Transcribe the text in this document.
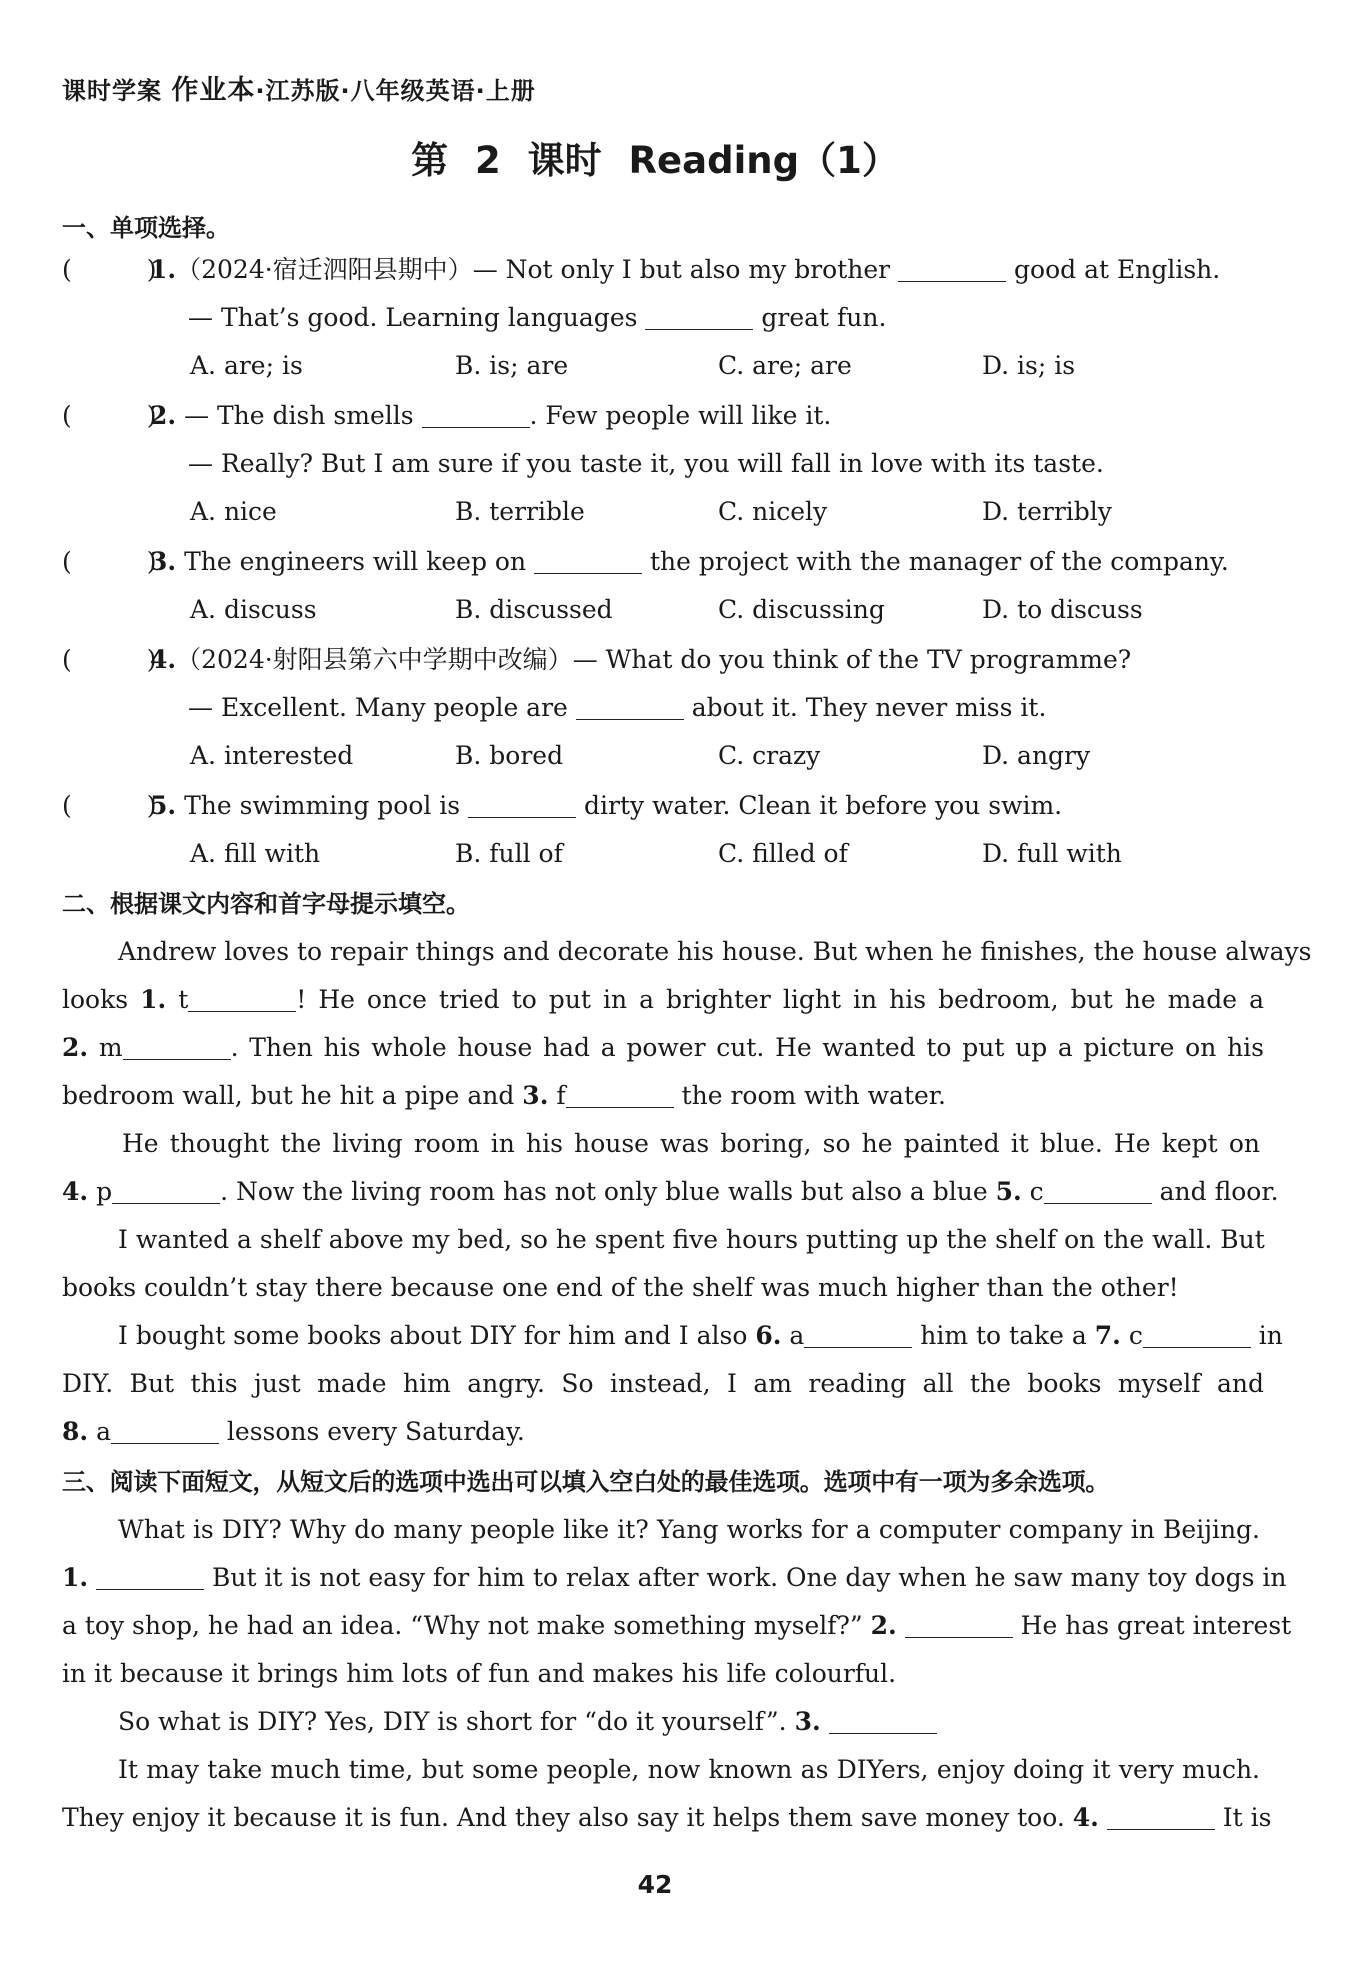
课时学案 作业本·江苏版·八年级英语·上册
第 2 课时 Reading（1）
一、单项选择。
(　　　)1.（2024·宿迁泗阳县期中）— Not only I but also my brother	good at English.
— That’s good. Learning languages	great fun.
A. are; is	B. is; are	C. are; are	D. is; is
(　　　)2. — The dish smells	. Few people will like it.
— Really? But I am sure if you taste it, you will fall in love with its taste.
A. nice	B. terrible	C. nicely	D. terribly
(　　　)3. The engineers will keep on	the project with the manager of the company.
A. discuss	B. discussed	C. discussing	D. to discuss
(　　　)4.（2024·射阳县第六中学期中改编）— What do you think of the TV programme?
— Excellent. Many people are	about it. They never miss it.
A. interested	B. bored	C. crazy	D. angry
(　　　)5. The swimming pool is	dirty water. Clean it before you swim.
A. fill with	B. full of	C. filled of	D. full with
二、根据课文内容和首字母提示填空。
Andrew loves to repair things and decorate his house. But when he finishes, the house always
looks 1. t	! He once tried to put in a brighter light in his bedroom, but he made a
2. m	. Then his whole house had a power cut. He wanted to put up a picture on his
bedroom wall, but he hit a pipe and 3. f	the room with water.
He thought the living room in his house was boring, so he painted it blue. He kept on
4. p	. Now the living room has not only blue walls but also a blue 5. c	and floor.
I wanted a shelf above my bed, so he spent five hours putting up the shelf on the wall. But
books couldn’t stay there because one end of the shelf was much higher than the other!
I bought some books about DIY for him and I also 6. a	him to take a 7. c	in
DIY. But this just made him angry. So instead, I am reading all the books myself and
8. a	lessons every Saturday.
三、阅读下面短文，从短文后的选项中选出可以填入空白处的最佳选项。选项中有一项为多余选项。
What is DIY? Why do many people like it? Yang works for a computer company in Beijing.
1.	But it is not easy for him to relax after work. One day when he saw many toy dogs in
a toy shop, he had an idea. “Why not make something myself?” 2.	He has great interest
in it because it brings him lots of fun and makes his life colourful.
So what is DIY? Yes, DIY is short for “do it yourself”. 3.
It may take much time, but some people, now known as DIYers, enjoy doing it very much.
They enjoy it because it is fun. And they also say it helps them save money too. 4.	It is
42
